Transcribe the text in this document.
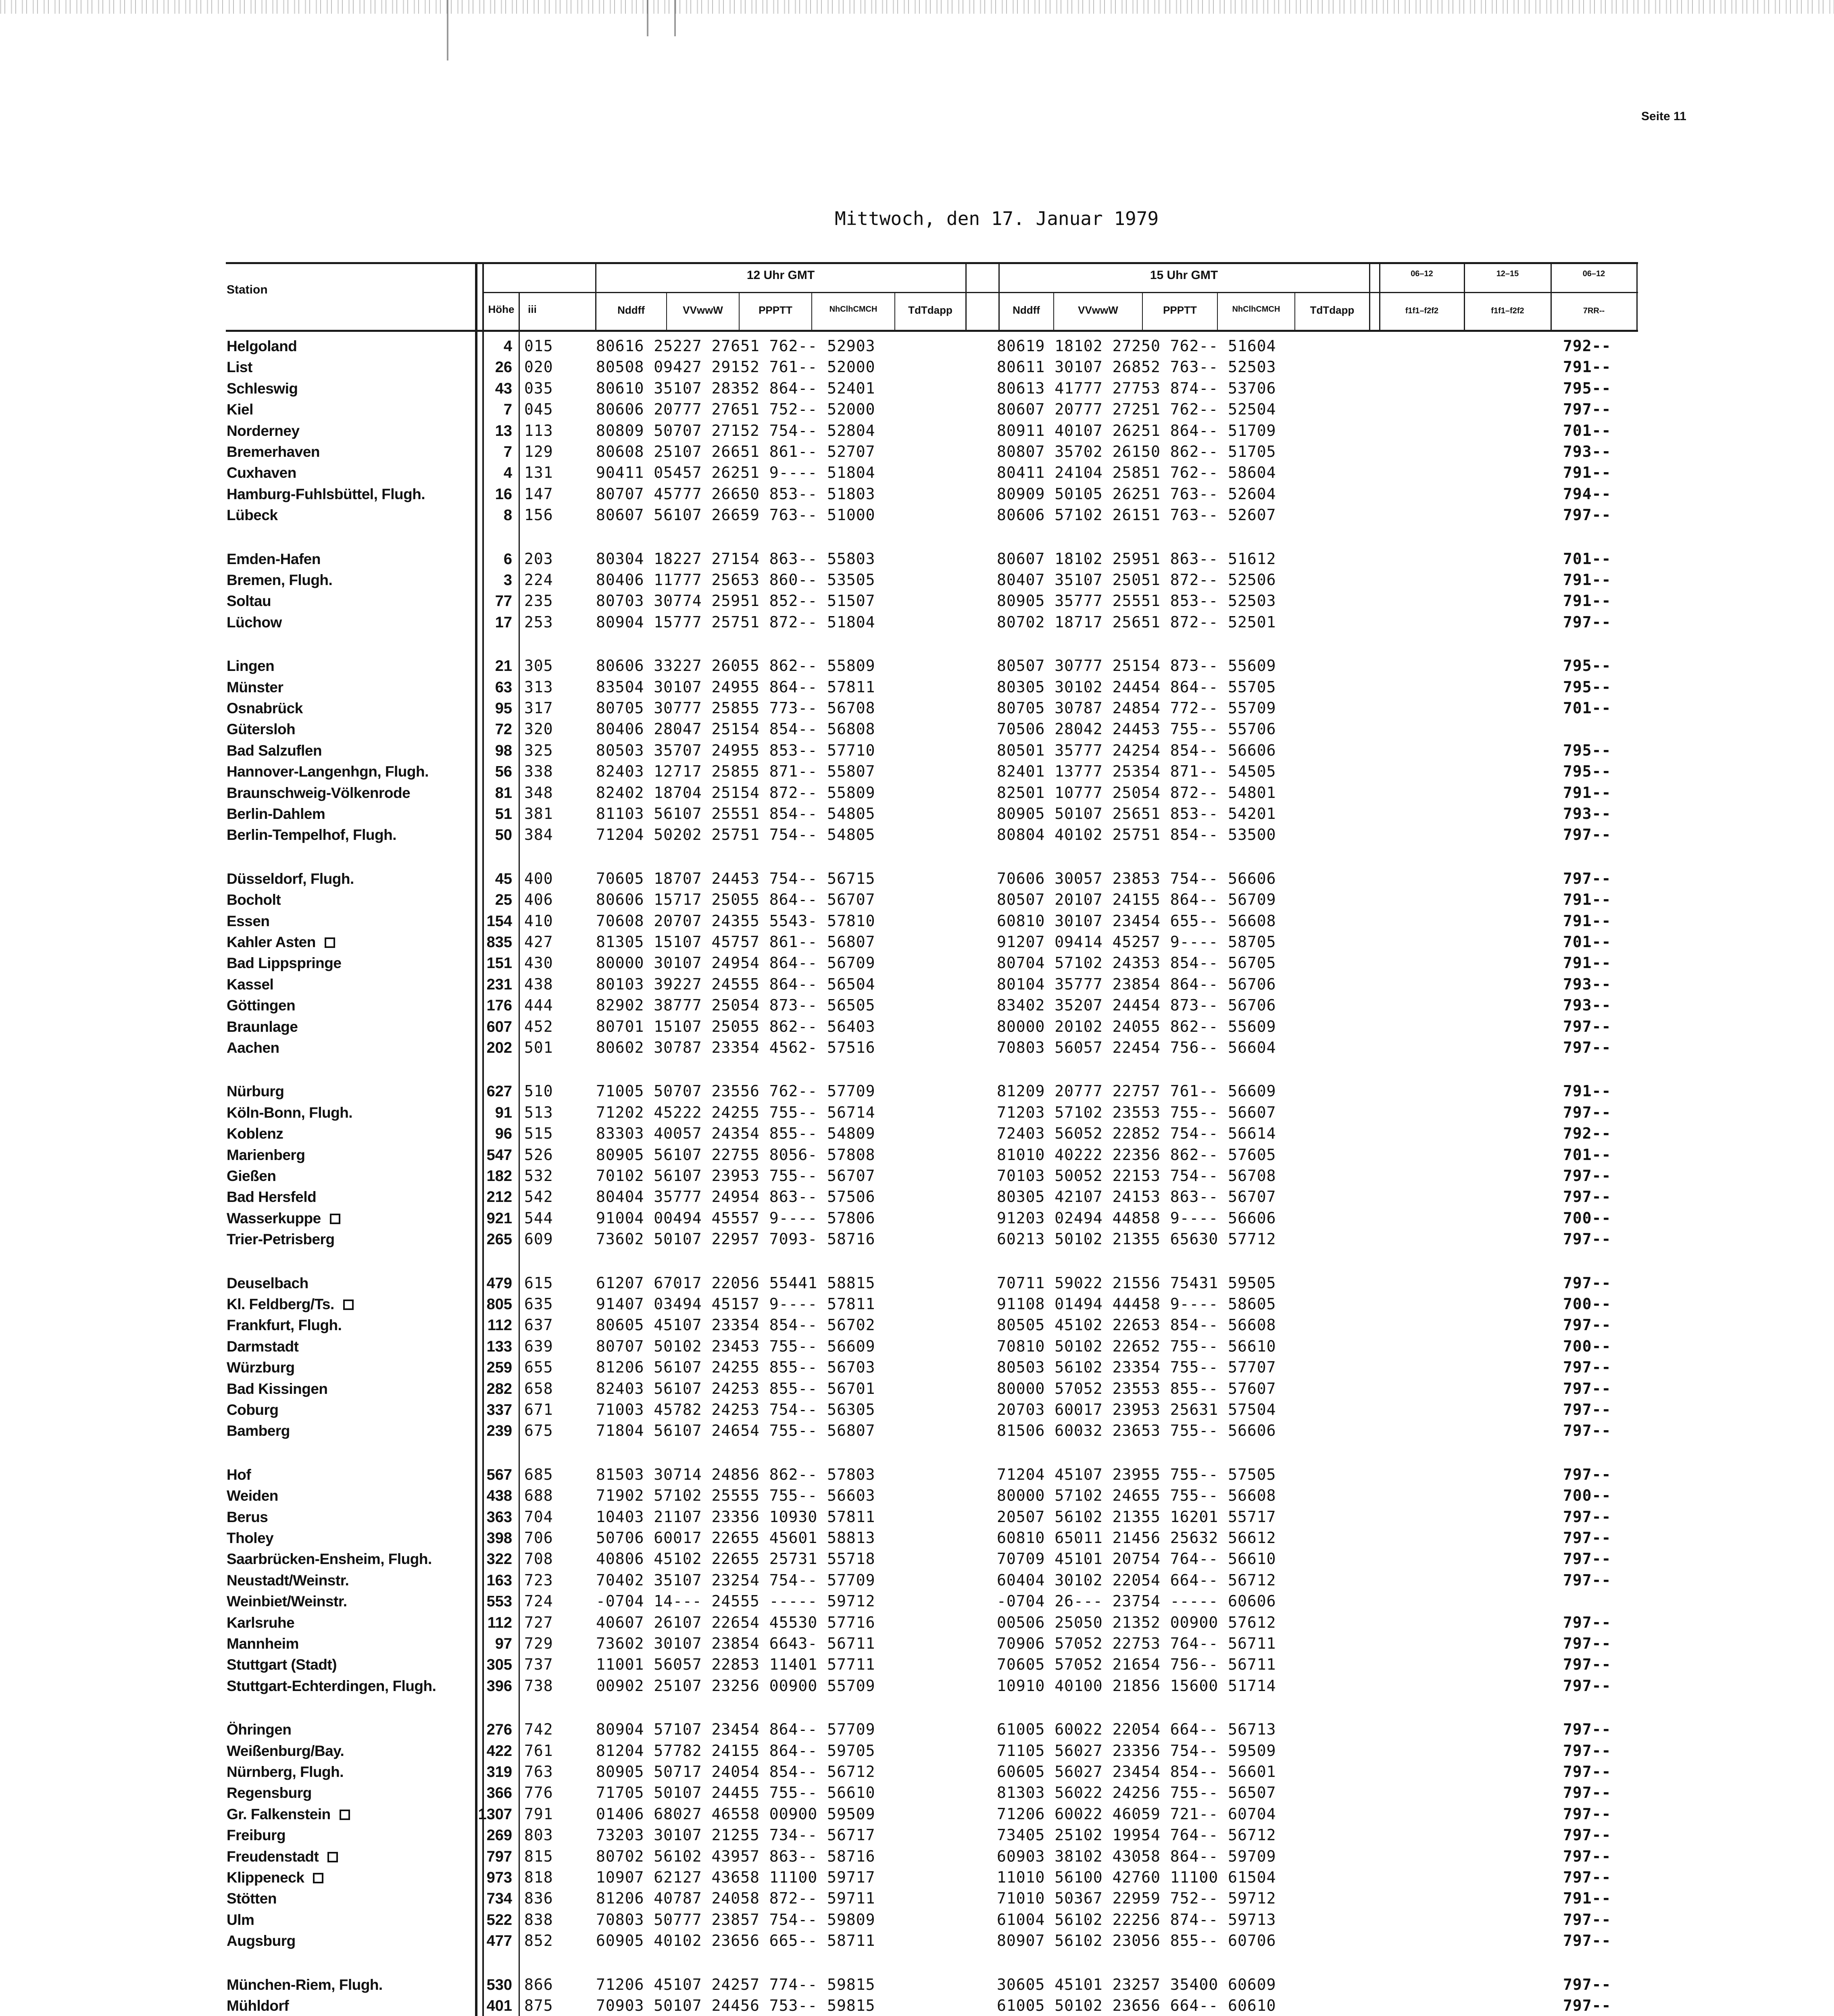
Seite 11
Mittwoch, den 17. Januar 1979
Station
Höhe	iii
12 Uhr GMT	15 Uhr GMT
Nddff	VVwwW	PPPTT	NhClhCMCH	TdTdapp	Nddff	VVwwW	PPPTT	NhClhCMCH	TdTdapp
06–12
f1f1–f2f2
12–15
f1f1–f2f2
06–12
7RR--
Helgoland	4 015	80616 25227 27651 762-- 52903	80619 18102 27250 762-- 51604	792--
List	26 020	80508 09427 29152 761-- 52000	80611 30107 26852 763-- 52503	791--
Schleswig	43 035	80610 35107 28352 864-- 52401	80613 41777 27753 874-- 53706	795--
Kiel	7 045	80606 20777 27651 752-- 52000	80607 20777 27251 762-- 52504	797--
Norderney	13 113	80809 50707 27152 754-- 52804	80911 40107 26251 864-- 51709	701--
Bremerhaven	7 129	80608 25107 26651 861-- 52707	80807 35702 26150 862-- 51705	793--
Cuxhaven	4 131	90411 05457 26251 9---- 51804	80411 24104 25851 762-- 58604	791--
Hamburg-Fuhlsbüttel, Flugh.	16 147	80707 45777 26650 853-- 51803	80909 50105 26251 763-- 52604	794--
Lübeck	8 156	80607 56107 26659 763-- 51000	80606 57102 26151 763-- 52607	797--
Emden-Hafen	6 203	80304 18227 27154 863-- 55803	80607 18102 25951 863-- 51612	701--
Bremen, Flugh.	3 224	80406 11777 25653 860-- 53505	80407 35107 25051 872-- 52506	791--
Soltau	77 235	80703 30774 25951 852-- 51507	80905 35777 25551 853-- 52503	791--
Lüchow	17 253	80904 15777 25751 872-- 51804	80702 18717 25651 872-- 52501	797--
Lingen	21 305	80606 33227 26055 862-- 55809	80507 30777 25154 873-- 55609	795--
Münster	63 313	83504 30107 24955 864-- 57811	80305 30102 24454 864-- 55705	795--
Osnabrück	95 317	80705 30777 25855 773-- 56708	80705 30787 24854 772-- 55709	701--
Gütersloh	72 320	80406 28047 25154 854-- 56808	70506 28042 24453 755-- 55706
Bad Salzuflen	98 325	80503 35707 24955 853-- 57710	80501 35777 24254 854-- 56606	795--
Hannover-Langenhgn, Flugh.	56 338	82403 12717 25855 871-- 55807	82401 13777 25354 871-- 54505	795--
Braunschweig-Völkenrode	81 348	82402 18704 25154 872-- 55809	82501 10777 25054 872-- 54801	791--
Berlin-Dahlem	51 381	81103 56107 25551 854-- 54805	80905 50107 25651 853-- 54201	793--
Berlin-Tempelhof, Flugh.	50 384	71204 50202 25751 754-- 54805	80804 40102 25751 854-- 53500	797--
Düsseldorf, Flugh.	45 400	70605 18707 24453 754-- 56715	70606 30057 23853 754-- 56606	797--
Bocholt	25 406	80606 15717 25055 864-- 56707	80507 20107 24155 864-- 56709	791--
Essen	154 410	70608 20707 24355 5543- 57810	60810 30107 23454 655-- 56608	791--
Kahler Asten	835 427	81305 15107 45757 861-- 56807	91207 09414 45257 9---- 58705	701--
Bad Lippspringe	151 430	80000 30107 24954 864-- 56709	80704 57102 24353 854-- 56705	791--
Kassel	231 438	80103 39227 24555 864-- 56504	80104 35777 23854 864-- 56706	793--
Göttingen	176 444	82902 38777 25054 873-- 56505	83402 35207 24454 873-- 56706	793--
Braunlage	607 452	80701 15107 25055 862-- 56403	80000 20102 24055 862-- 55609	797--
Aachen	202 501	80602 30787 23354 4562- 57516	70803 56057 22454 756-- 56604	797--
Nürburg	627 510	71005 50707 23556 762-- 57709	81209 20777 22757 761-- 56609	791--
Köln-Bonn, Flugh.	91 513	71202 45222 24255 755-- 56714	71203 57102 23553 755-- 56607	797--
Koblenz	96 515	83303 40057 24354 855-- 54809	72403 56052 22852 754-- 56614	792--
Marienberg	547 526	80905 56107 22755 8056- 57808	81010 40222 22356 862-- 57605	701--
Gießen	182 532	70102 56107 23953 755-- 56707	70103 50052 22153 754-- 56708	797--
Bad Hersfeld	212 542	80404 35777 24954 863-- 57506	80305 42107 24153 863-- 56707	797--
Wasserkuppe	921 544	91004 00494 45557 9---- 57806	91203 02494 44858 9---- 56606	700--
Trier-Petrisberg	265 609	73602 50107 22957 7093- 58716	60213 50102 21355 65630 57712	797--
Deuselbach	479 615	61207 67017 22056 55441 58815	70711 59022 21556 75431 59505	797--
Kl. Feldberg/Ts.	805 635	91407 03494 45157 9---- 57811	91108 01494 44458 9---- 58605	700--
Frankfurt, Flugh.	112 637	80605 45107 23354 854-- 56702	80505 45102 22653 854-- 56608	797--
Darmstadt	133 639	80707 50102 23453 755-- 56609	70810 50102 22652 755-- 56610	700--
Würzburg	259 655	81206 56107 24255 855-- 56703	80503 56102 23354 755-- 57707	797--
Bad Kissingen	282 658	82403 56107 24253 855-- 56701	80000 57052 23553 855-- 57607	797--
Coburg	337 671	71003 45782 24253 754-- 56305	20703 60017 23953 25631 57504	797--
Bamberg	239 675	71804 56107 24654 755-- 56807	81506 60032 23653 755-- 56606	797--
Hof	567 685	81503 30714 24856 862-- 57803	71204 45107 23955 755-- 57505	797--
Weiden	438 688	71902 57102 25555 755-- 56603	80000 57102 24655 755-- 56608	700--
Berus	363 704	10403 21107 23356 10930 57811	20507 56102 21355 16201 55717	797--
Tholey	398 706	50706 60017 22655 45601 58813	60810 65011 21456 25632 56612	797--
Saarbrücken-Ensheim, Flugh.	322 708	40806 45102 22655 25731 55718	70709 45101 20754 764-- 56610	797--
Neustadt/Weinstr.	163 723	70402 35107 23254 754-- 57709	60404 30102 22054 664-- 56712	797--
Weinbiet/Weinstr.	553 724	-0704 14--- 24555 ----- 59712	-0704 26--- 23754 ----- 60606
Karlsruhe	112 727	40607 26107 22654 45530 57716	00506 25050 21352 00900 57612	797--
Mannheim	97 729	73602 30107 23854 6643- 56711	70906 57052 22753 764-- 56711	797--
Stuttgart (Stadt)	305 737	11001 56057 22853 11401 57711	70605 57052 21654 756-- 56711	797--
Stuttgart-Echterdingen, Flugh.	396 738	00902 25107 23256 00900 55709	10910 40100 21856 15600 51714	797--
Öhringen	276 742	80904 57107 23454 864-- 57709	61005 60022 22054 664-- 56713	797--
Weißenburg/Bay.	422 761	81204 57782 24155 864-- 59705	71105 56027 23356 754-- 59509	797--
Nürnberg, Flugh.	319 763	80905 50717 24054 854-- 56712	60605 56027 23454 854-- 56601	797--
Regensburg	366 776	71705 50107 24455 755-- 56610	81303 56022 24256 755-- 56507	797--
Gr. Falkenstein	1307 791	01406 68027 46558 00900 59509	71206 60022 46059 721-- 60704	797--
Freiburg	269 803	73203 30107 21255 734-- 56717	73405 25102 19954 764-- 56712	797--
Freudenstadt	797 815	80702 56102 43957 863-- 58716	60903 38102 43058 864-- 59709	797--
Klippeneck	973 818	10907 62127 43658 11100 59717	11010 56100 42760 11100 61504	797--
Stötten	734 836	81206 40787 24058 872-- 59711	71010 50367 22959 752-- 59712	791--
Ulm	522 838	70803 50777 23857 754-- 59809	61004 56102 22256 874-- 59713	797--
Augsburg	477 852	60905 40102 23656 665-- 58711	80907 56102 23056 855-- 60706	797--
München-Riem, Flugh.	530 866	71206 45107 24257 774-- 59815	30605 45101 23257 35400 60609	797--
Mühldorf	401 875	70903 50107 24456 753-- 59815	61005 50102 23656 664-- 60610	797--
